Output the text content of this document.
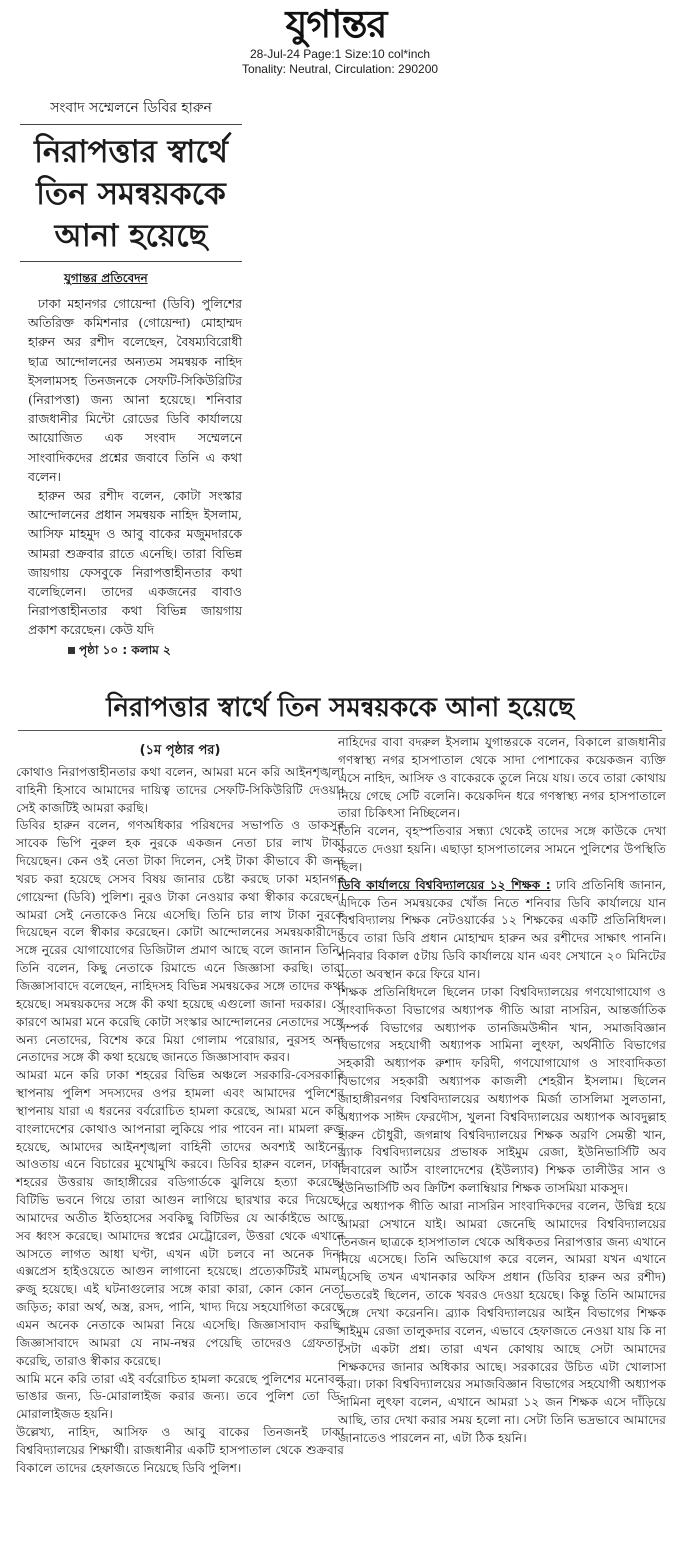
যুগান্তর
28-Jul-24 Page:1 Size:10 col*inch
Tonality: Neutral, Circulation: 290200
সংবাদ সম্মেলনে ডিবির হারুন
নিরাপত্তার স্বার্থে
তিন সমন্বয়ককে
আনা হয়েছে
যুগান্তর প্রতিবেদন

ঢাকা মহানগর গোয়েন্দা (ডিবি) পুলিশের অতিরিক্ত কমিশনার (গোয়েন্দা) মোহাম্মদ হারুন অর রশীদ বলেছেন, বৈষম্যবিরোধী ছাত্র আন্দোলনের অন্যতম সমন্বয়ক নাহিদ ইসলামসহ তিনজনকে সেফটি-সিকিউরিটির (নিরাপত্তা) জন্য আনা হয়েছে। শনিবার রাজধানীর মিন্টো রোডের ডিবি কার্যালয়ে আয়োজিত এক সংবাদ সম্মেলনে সাংবাদিকদের প্রশ্নের জবাবে তিনি এ কথা বলেন।

হারুন অর রশীদ বলেন, কোটা সংস্কার আন্দোলনের প্রধান সমন্বয়ক নাহিদ ইসলাম, আসিফ মাহমুদ ও আবু বাকের মজুমদারকে আমরা শুক্রবার রাতে এনেছি। তারা বিভিন্ন জায়গায় ফেসবুকে নিরাপত্তাহীনতার কথা বলেছিলেন। তাদের একজনের বাবাও নিরাপত্তাহীনতার কথা বিভিন্ন জায়গায় প্রকাশ করেছেন। কেউ যদি

পৃষ্ঠা ১০ : কলাম ২
নিরাপত্তার স্বার্থে তিন সমন্বয়ককে আনা হয়েছে

(১ম পৃষ্ঠার পর)

কোথাও নিরাপত্তাহীনতার কথা বলেন, আমরা মনে করি আইনশৃঙ্খলা বাহিনী হিসাবে আমাদের দায়িত্ব তাদের সেফটি-সিকিউরিটি দেওয়া। সেই কাজটিই আমরা করছি।

ডিবির হারুন বলেন, গণঅধিকার পরিষদের সভাপতি ও ডাকসুর সাবেক ভিপি নুরুল হক নুরকে একজন নেতা চার লাখ টাকা দিয়েছেন। কেন ওই নেতা টাকা দিলেন, সেই টাকা কীভাবে কী জন্য খরচ করা হয়েছে সেসব বিষয় জানার চেষ্টা করছে ঢাকা মহানগর গোয়েন্দা (ডিবি) পুলিশ। নুরও টাকা নেওয়ার কথা স্বীকার করেছেন। আমরা সেই নেতাকেও নিয়ে এসেছি। তিনি চার লাখ টাকা নুরকে দিয়েছেন বলে স্বীকার করেছেন। কোটা আন্দোলনের সমন্বয়কারীদের সঙ্গে নুরের যোগাযোগের ডিজিটাল প্রমাণ আছে বলে জানান তিনি। তিনি বলেন, কিছু নেতাকে রিমান্ডে এনে জিজ্ঞাসা করছি। তারা জিজ্ঞাসাবাদে বলেছেন, নাহিদসহ বিভিন্ন সমন্বয়কের সঙ্গে তাদের কথা হয়েছে। সমন্বয়কদের সঙ্গে কী কথা হয়েছে এগুলো জানা দরকার। সে কারণে আমরা মনে করেছি কোটা সংস্কার আন্দোলনের নেতাদের সঙ্গে অন্য নেতাদের, বিশেষ করে মিয়া গোলাম পরোয়ার, নুরসহ অন্য নেতাদের সঙ্গে কী কথা হয়েছে জানতে জিজ্ঞাসাবাদ করব।

আমরা মনে করি ঢাকা শহরের বিভিন্ন অঞ্চলে সরকারি-বেসরকারি স্থাপনায় পুলিশ সদস্যদের ওপর হামলা এবং আমাদের পুলিশের স্থাপনায় যারা এ ধরনের বর্বরোচিত হামলা করেছে, আমরা মনে করি বাংলাদেশের কোথাও আপনারা লুকিয়ে পার পাবেন না। মামলা রুজু হয়েছে, আমাদের আইনশৃঙ্খলা বাহিনী তাদের অবশ্যই আইনের আওতায় এনে বিচারের মুখোমুখি করবে। ডিবির হারুন বলেন, ঢাকা শহরের উত্তরায় জাহাঙ্গীরের বডিগার্ডকে ঝুলিয়ে হত্যা করেছে। বিটিভি ভবনে গিয়ে তারা আগুন লাগিয়ে ছারখার করে দিয়েছে। আমাদের অতীত ইতিহাসের সবকিছু বিটিভির যে আর্কাইভে আছে সব ধ্বংস করেছে। আমাদের স্বপ্নের মেট্রোরেল, উত্তরা থেকে এখানে আসতে লাগত আধা ঘণ্টা, এখন এটা চলবে না অনেক দিন। এক্সপ্রেস হাইওয়েতে আগুন লাগানো হয়েছে। প্রত্যেকটিরই মামলা রুজু হয়েছে। এই ঘটনাগুলোর সঙ্গে কারা কারা, কোন কোন নেতা জড়িত; কারা অর্থ, অস্ত্র, রসদ, পানি, খাদ্য দিয়ে সহযোগিতা করেছে এমন অনেক নেতাকে আমরা নিয়ে এসেছি। জিজ্ঞাসাবাদ করছি, জিজ্ঞাসাবাদে আমরা যে নাম-নম্বর পেয়েছি তাদেরও গ্রেফতার করেছি, তারাও স্বীকার করেছে।

আমি মনে করি তারা এই বর্বরোচিত হামলা করেছে পুলিশের মনোবল ভাঙার জন্য, ডি-মোরালাইজ করার জন্য। তবে পুলিশ তো ডি-মোরালাইজড হয়নি।

উল্লেখ্য, নাহিদ, আসিফ ও আবু বাকের তিনজনই ঢাকা বিশ্ববিদ্যালয়ের শিক্ষার্থী। রাজধানীর একটি হাসপাতাল থেকে শুক্রবার বিকালে তাদের হেফাজতে নিয়েছে ডিবি পুলিশ।

নাহিদের বাবা বদরুল ইসলাম যুগান্তরকে বলেন, বিকালে রাজধানীর গণস্বাস্থ্য নগর হাসপাতাল থেকে সাদা পোশাকের কয়েকজন ব্যক্তি এসে নাহিদ, আসিফ ও বাকেরকে তুলে নিয়ে যায়। তবে তারা কোথায় নিয়ে গেছে সেটি বলেনি। কয়েকদিন ধরে গণস্বাস্থ্য নগর হাসপাতালে তারা চিকিৎসা নিচ্ছিলেন।

তিনি বলেন, বৃহস্পতিবার সন্ধ্যা থেকেই তাদের সঙ্গে কাউকে দেখা করতে দেওয়া হয়নি। এছাড়া হাসপাতালের সামনে পুলিশের উপস্থিতি ছিল।

ডিবি কার্যালয়ে বিশ্ববিদ্যালয়ের ১২ শিক্ষক : ঢাবি প্রতিনিধি জানান, এদিকে তিন সমন্বয়কের খোঁজ নিতে শনিবার ডিবি কার্যালয়ে যান বিশ্ববিদ্যালয় শিক্ষক নেটওয়ার্কের ১২ শিক্ষকের একটি প্রতিনিধিদল। তবে তারা ডিবি প্রধান মোহাম্মদ হারুন অর রশীদের সাক্ষাৎ পাননি। শনিবার বিকাল ৫টায় ডিবি কার্যালয়ে যান এবং সেখানে ২০ মিনিটের মতো অবস্থান করে ফিরে যান।

শিক্ষক প্রতিনিধিদলে ছিলেন ঢাকা বিশ্ববিদ্যালয়ের গণযোগাযোগ ও সাংবাদিকতা বিভাগের অধ্যাপক গীতি আরা নাসরিন, আন্তর্জাতিক সম্পর্ক বিভাগের অধ্যাপক তানজিমউদ্দীন খান, সমাজবিজ্ঞান বিভাগের সহযোগী অধ্যাপক সামিনা লুৎফা, অর্থনীতি বিভাগের সহকারী অধ্যাপক রুশাদ ফরিদী, গণযোগাযোগ ও সাংবাদিকতা বিভাগের সহকারী অধ্যাপক কাজলী শেহরীন ইসলাম। ছিলেন জাহাঙ্গীরনগর বিশ্ববিদ্যালয়ের অধ্যাপক মির্জা তাসলিমা সুলতানা, অধ্যাপক সাঈদ ফেরদৌস, খুলনা বিশ্ববিদ্যালয়ের অধ্যাপক আবদুল্লাহ হারুন চৌধুরী, জগন্নাথ বিশ্ববিদ্যালয়ের শিক্ষক অরণি সেমন্তী খান, ব্র্যাক বিশ্ববিদ্যালয়ের প্রভাষক সাইমুম রেজা, ইউনিভার্সিটি অব লিবারেল আর্টস বাংলাদেশের (ইউল্যাব) শিক্ষক তালীউর সান ও ইউনিভার্সিটি অব ক্রিটিশ কলাম্বিয়ার শিক্ষক তাসমিয়া মাকসুদ।

পরে অধ্যাপক গীতি আরা নাসরিন সাংবাদিকদের বলেন, উদ্বিগ্ন হয়ে আমরা সেখানে যাই। আমরা জেনেছি আমাদের বিশ্ববিদ্যালয়ের তিনজন ছাত্রকে হাসপাতাল থেকে অধিকতর নিরাপত্তার জন্য এখানে নিয়ে এসেছে। তিনি অভিযোগ করে বলেন, আমরা যখন এখানে এসেছি তখন এখানকার অফিস প্রধান (ডিবির হারুন অর রশীদ) ভেতরেই ছিলেন, তাকে খবরও দেওয়া হয়েছে। কিন্তু তিনি আমাদের সঙ্গে দেখা করেননি। ব্র্যাক বিশ্ববিদ্যালয়ের আইন বিভাগের শিক্ষক সাইমুম রেজা তালুকদার বলেন, এভাবে হেফাজতে নেওয়া যায় কি না সেটা একটা প্রশ্ন। তারা এখন কোথায় আছে সেটা আমাদের শিক্ষকদের জানার অধিকার আছে। সরকারের উচিত এটা খোলাসা করা। ঢাকা বিশ্ববিদ্যালয়ের সমাজবিজ্ঞান বিভাগের সহযোগী অধ্যাপক সামিনা লুৎফা বলেন, এখানে আমরা ১২ জন শিক্ষক এসে দাঁড়িয়ে আছি, তার দেখা করার সময় হলো না। সেটা তিনি ভদ্রভাবে আমাদের জানাতেও পারলেন না, এটা ঠিক হয়নি।
